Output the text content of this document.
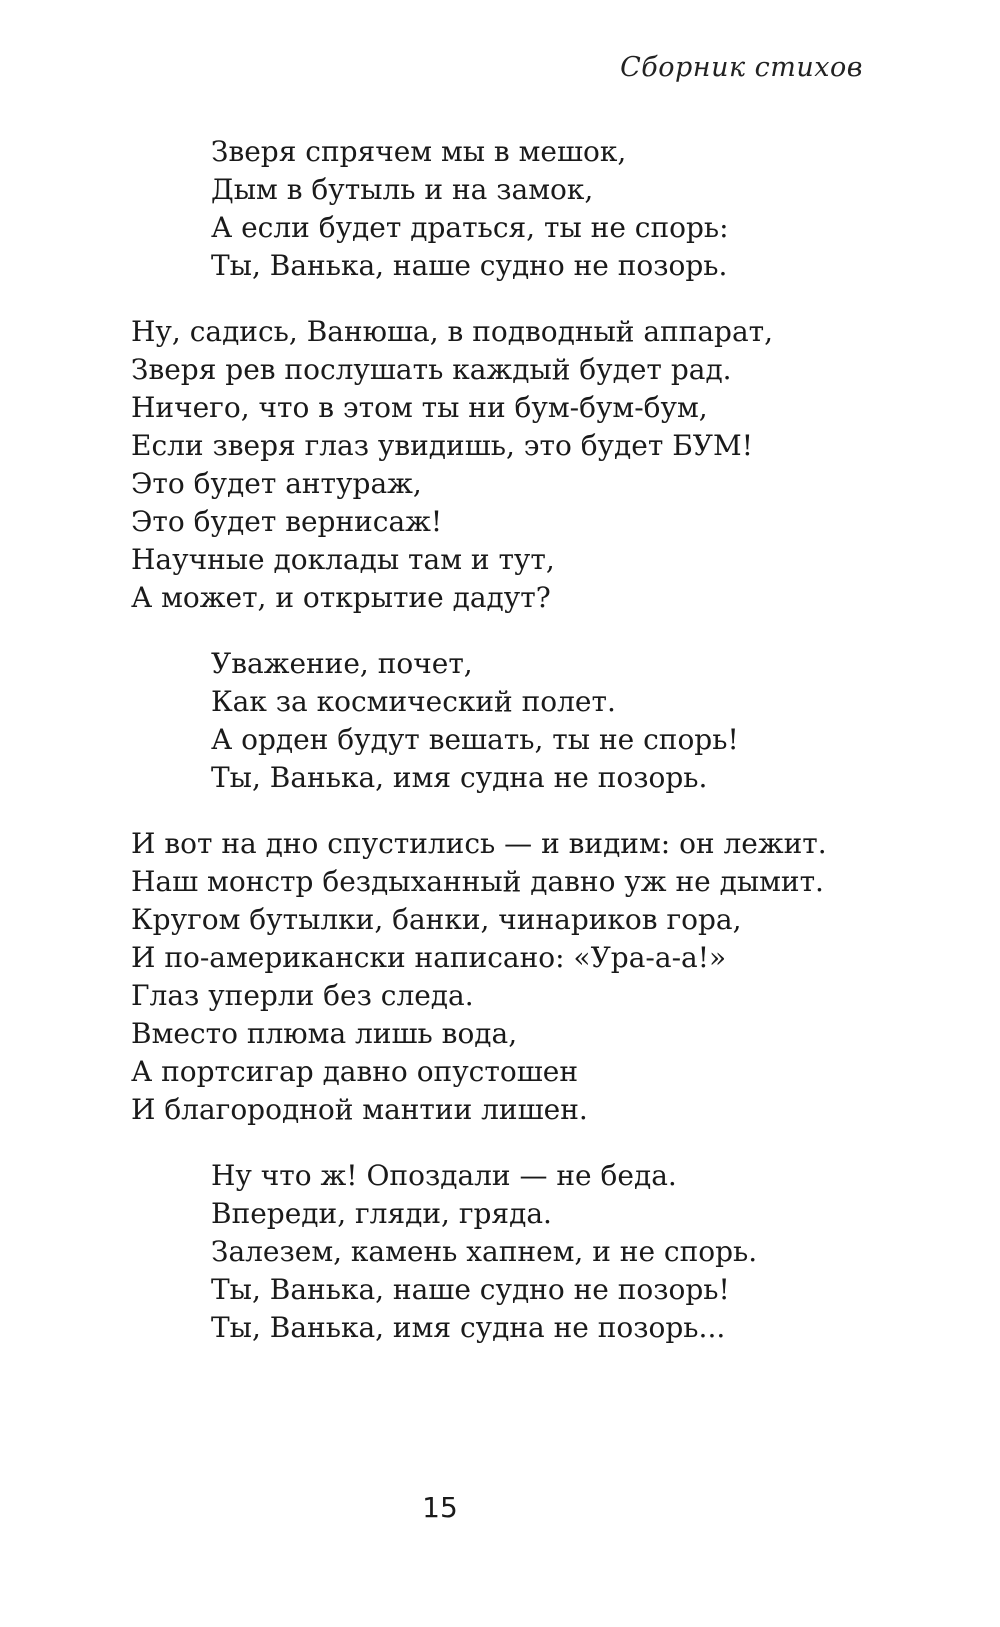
Сборник стихов
Зверя спрячем мы в мешок,
Дым в бутыль и на замок,
А если будет драться, ты не спорь:
Ты, Ванька, наше судно не позорь.
Ну, садись, Ванюша, в подводный аппарат,
Зверя рев послушать каждый будет рад.
Ничего, что в этом ты ни бум-бум-бум,
Если зверя глаз увидишь, это будет БУМ!
Это будет антураж,
Это будет вернисаж!
Научные доклады там и тут,
А может, и открытие дадут?
Уважение, почет,
Как за космический полет.
А орден будут вешать, ты не спорь!
Ты, Ванька, имя судна не позорь.
И вот на дно спустились — и видим: он лежит.
Наш монстр бездыханный давно уж не дымит.
Кругом бутылки, банки, чинариков гора,
И по-американски написано: «Ура-а-а!»
Глаз уперли без следа.
Вместо плюма лишь вода,
А портсигар давно опустошен
И благородной мантии лишен.
Ну что ж! Опоздали — не беда.
Впереди, гляди, гряда.
Залезем, камень хапнем, и не спорь.
Ты, Ванька, наше судно не позорь!
Ты, Ванька, имя судна не позорь...
15
